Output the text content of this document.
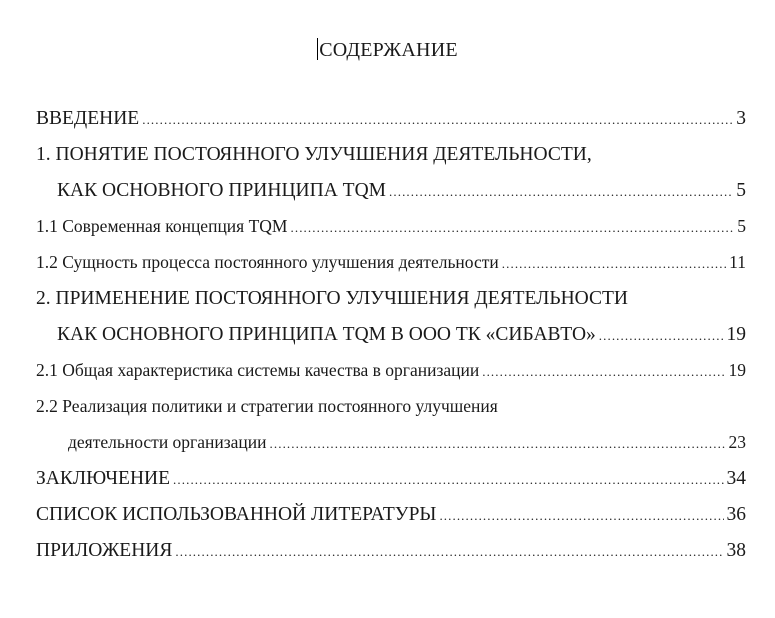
СОДЕРЖАНИЕ
ВВЕДЕНИЕ .....	3
1. ПОНЯТИЕ ПОСТОЯННОГО УЛУЧШЕНИЯ ДЕЯТЕЛЬНОСТИ,
КАК ОСНОВНОГО ПРИНЦИПА TQM .....	5
1.1 Современная концепция TQM .....	5
1.2 Сущность процесса постоянного улучшения деятельности .....	11
2. ПРИМЕНЕНИЕ ПОСТОЯННОГО УЛУЧШЕНИЯ ДЕЯТЕЛЬНОСТИ
КАК ОСНОВНОГО ПРИНЦИПА TQM В ООО ТК «СИБАВТО» .....	19
2.1 Общая характеристика системы качества в организации .....	19
2.2 Реализация политики и стратегии постоянного улучшения
деятельности организации .....	23
ЗАКЛЮЧЕНИЕ .....	34
СПИСОК ИСПОЛЬЗОВАННОЙ ЛИТЕРАТУРЫ .....	36
ПРИЛОЖЕНИЯ .....	38
